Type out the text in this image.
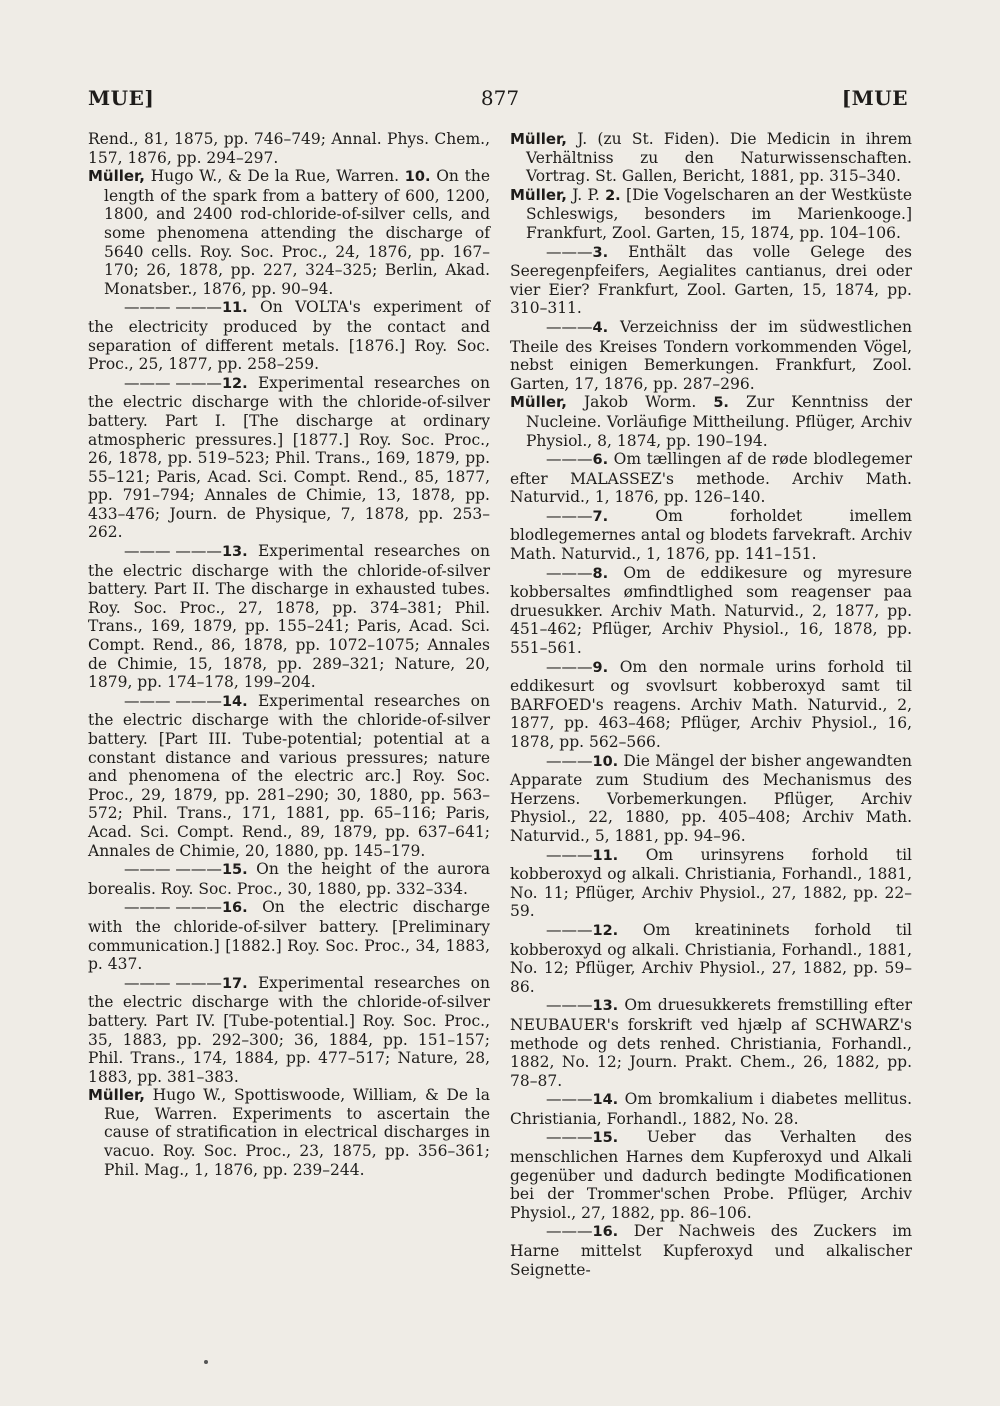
MUE]	877	[MUE

Rend., 81, 1875, pp. 746–749; Annal. Phys. Chem., 157, 1876, pp. 294–297.

Müller, Hugo W., & De la Rue, Warren. 10. On the length of the spark from a battery of 600, 1200, 1800, and 2400 rod-chloride-of-silver cells, and some phenomena attending the discharge of 5640 cells. Roy. Soc. Proc., 24, 1876, pp. 167–170; 26, 1878, pp. 227, 324–325; Berlin, Akad. Monatsber., 1876, pp. 90–94.

——— ———11. On VOLTA's experiment of the electricity produced by the contact and separation of different metals. [1876.] Roy. Soc. Proc., 25, 1877, pp. 258–259.

——— ———12. Experimental researches on the electric discharge with the chloride-of-silver battery. Part I. [The discharge at ordinary atmospheric pressures.] [1877.] Roy. Soc. Proc., 26, 1878, pp. 519–523; Phil. Trans., 169, 1879, pp. 55–121; Paris, Acad. Sci. Compt. Rend., 85, 1877, pp. 791–794; Annales de Chimie, 13, 1878, pp. 433–476; Journ. de Physique, 7, 1878, pp. 253–262.

——— ———13. Experimental researches on the electric discharge with the chloride-of-silver battery. Part II. The discharge in exhausted tubes. Roy. Soc. Proc., 27, 1878, pp. 374–381; Phil. Trans., 169, 1879, pp. 155–241; Paris, Acad. Sci. Compt. Rend., 86, 1878, pp. 1072–1075; Annales de Chimie, 15, 1878, pp. 289–321; Nature, 20, 1879, pp. 174–178, 199–204.

——— ———14. Experimental researches on the electric discharge with the chloride-of-silver battery. [Part III. Tube-potential; potential at a constant distance and various pressures; nature and phenomena of the electric arc.] Roy. Soc. Proc., 29, 1879, pp. 281–290; 30, 1880, pp. 563–572; Phil. Trans., 171, 1881, pp. 65–116; Paris, Acad. Sci. Compt. Rend., 89, 1879, pp. 637–641; Annales de Chimie, 20, 1880, pp. 145–179.

——— ———15. On the height of the aurora borealis. Roy. Soc. Proc., 30, 1880, pp. 332–334.

——— ———16. On the electric discharge with the chloride-of-silver battery. [Preliminary communication.] [1882.] Roy. Soc. Proc., 34, 1883, p. 437.

——— ———17. Experimental researches on the electric discharge with the chloride-of-silver battery. Part IV. [Tube-potential.] Roy. Soc. Proc., 35, 1883, pp. 292–300; 36, 1884, pp. 151–157; Phil. Trans., 174, 1884, pp. 477–517; Nature, 28, 1883, pp. 381–383.

Müller, Hugo W., Spottiswoode, William, & De la Rue, Warren. Experiments to ascertain the cause of stratification in electrical discharges in vacuo. Roy. Soc. Proc., 23, 1875, pp. 356–361; Phil. Mag., 1, 1876, pp. 239–244.

Müller, J. (zu St. Fiden). Die Medicin in ihrem Verhältniss zu den Naturwissenschaften. Vortrag. St. Gallen, Bericht, 1881, pp. 315–340.

Müller, J. P. 2. [Die Vogelscharen an der Westküste Schleswigs, besonders im Marienkooge.] Frankfurt, Zool. Garten, 15, 1874, pp. 104–106.

———3. Enthält das volle Gelege des Seeregenpfeifers, Aegialites cantianus, drei oder vier Eier? Frankfurt, Zool. Garten, 15, 1874, pp. 310–311.

———4. Verzeichniss der im südwestlichen Theile des Kreises Tondern vorkommenden Vögel, nebst einigen Bemerkungen. Frankfurt, Zool. Garten, 17, 1876, pp. 287–296.

Müller, Jakob Worm. 5. Zur Kenntniss der Nucleine. Vorläufige Mittheilung. Pflüger, Archiv Physiol., 8, 1874, pp. 190–194.

———6. Om tællingen af de røde blodlegemer efter MALASSEZ's methode. Archiv Math. Naturvid., 1, 1876, pp. 126–140.

———7. Om forholdet imellem blodlegemernes antal og blodets farvekraft. Archiv Math. Naturvid., 1, 1876, pp. 141–151.

———8. Om de eddikesure og myresure kobbersaltes ømfindtlighed som reagenser paa druesukker. Archiv Math. Naturvid., 2, 1877, pp. 451–462; Pflüger, Archiv Physiol., 16, 1878, pp. 551–561.

———9. Om den normale urins forhold til eddikesurt og svovlsurt kobberoxyd samt til BARFOED's reagens. Archiv Math. Naturvid., 2, 1877, pp. 463–468; Pflüger, Archiv Physiol., 16, 1878, pp. 562–566.

———10. Die Mängel der bisher angewandten Apparate zum Studium des Mechanismus des Herzens. Vorbemerkungen. Pflüger, Archiv Physiol., 22, 1880, pp. 405–408; Archiv Math. Naturvid., 5, 1881, pp. 94–96.

———11. Om urinsyrens forhold til kobberoxyd og alkali. Christiania, Forhandl., 1881, No. 11; Pflüger, Archiv Physiol., 27, 1882, pp. 22–59.

———12. Om kreatininets forhold til kobberoxyd og alkali. Christiania, Forhandl., 1881, No. 12; Pflüger, Archiv Physiol., 27, 1882, pp. 59–86.

———13. Om druesukkerets fremstilling efter NEUBAUER's forskrift ved hjælp af SCHWARZ's methode og dets renhed. Christiania, Forhandl., 1882, No. 12; Journ. Prakt. Chem., 26, 1882, pp. 78–87.

———14. Om bromkalium i diabetes mellitus. Christiania, Forhandl., 1882, No. 28.

———15. Ueber das Verhalten des menschlichen Harnes dem Kupferoxyd und Alkali gegenüber und dadurch bedingte Modificationen bei der Trommer'schen Probe. Pflüger, Archiv Physiol., 27, 1882, pp. 86–106.

———16. Der Nachweis des Zuckers im Harne mittelst Kupferoxyd und alkalischer Seignette-
